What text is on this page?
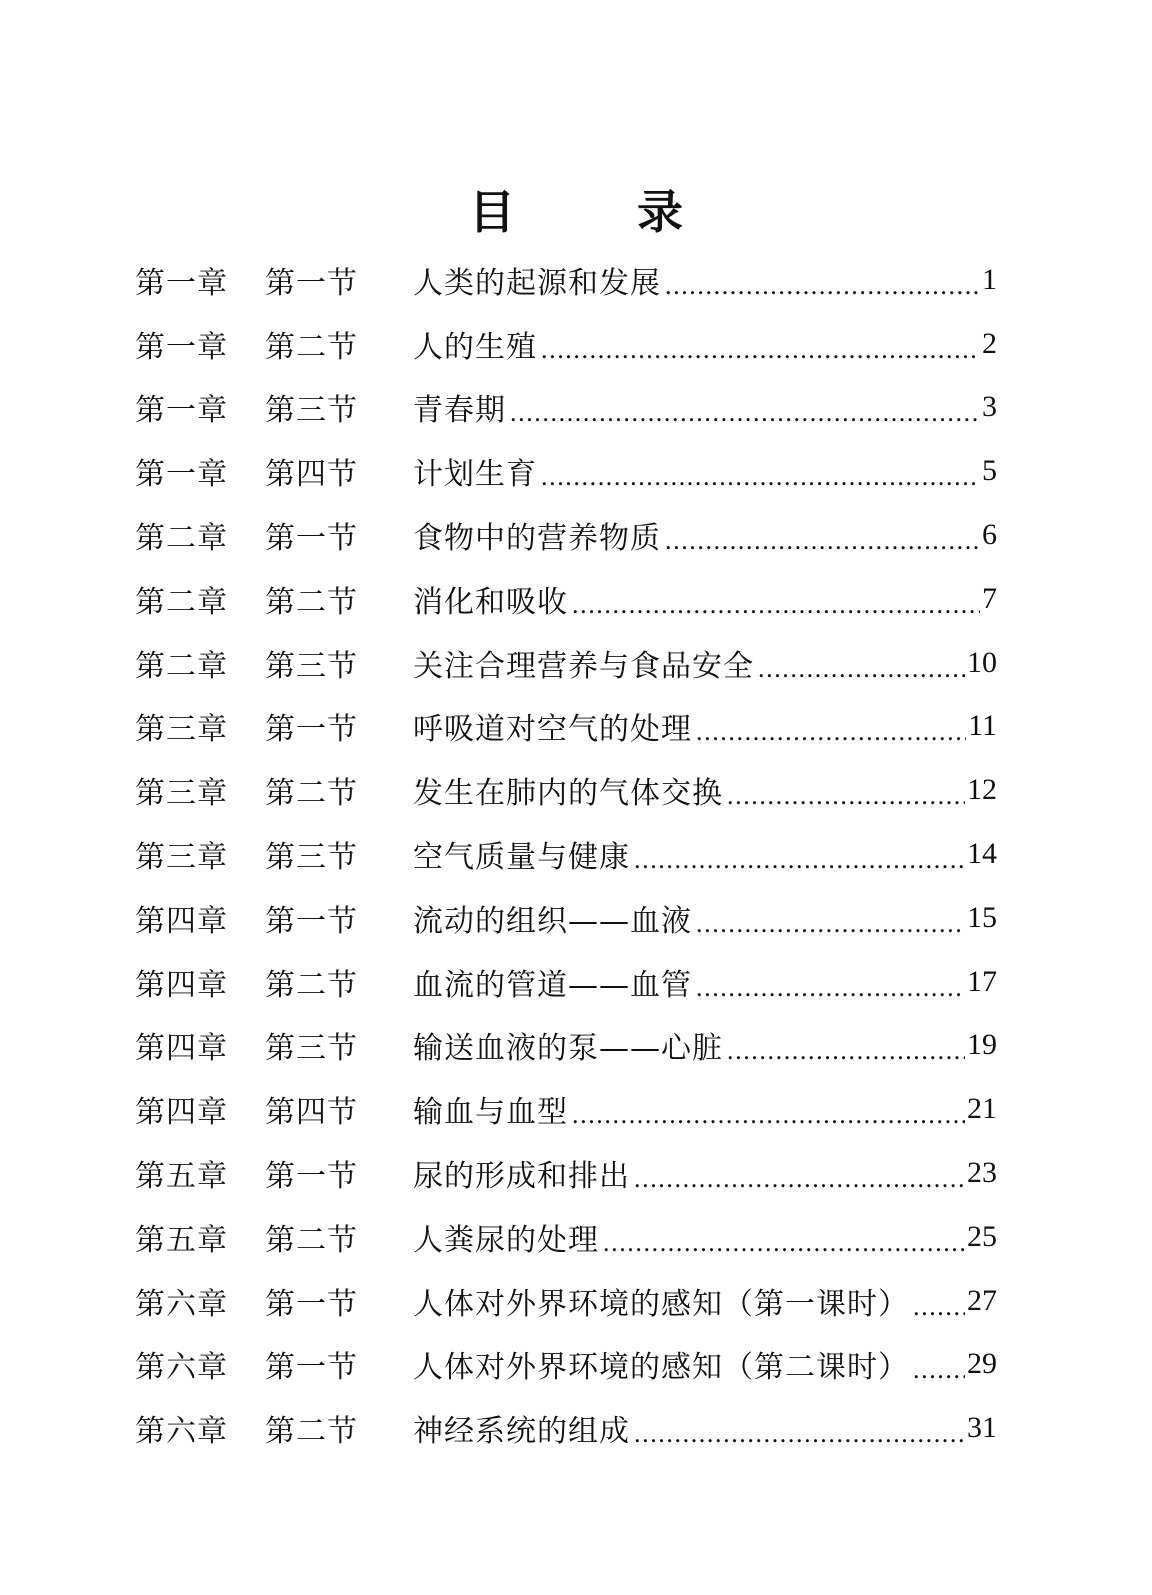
目　录
第一章	第一节	人类的起源和发展 .....	1
第一章	第二节	人的生殖 .....	2
第一章	第三节	青春期 .....	3
第一章	第四节	计划生育 .....	5
第二章	第一节	食物中的营养物质 .....	6
第二章	第二节	消化和吸收 .....	7
第二章	第三节	关注合理营养与食品安全 .....	10
第三章	第一节	呼吸道对空气的处理 .....	11
第三章	第二节	发生在肺内的气体交换 .....	12
第三章	第三节	空气质量与健康 .....	14
第四章	第一节	流动的组织——血液 .....	15
第四章	第二节	血流的管道——血管 .....	17
第四章	第三节	输送血液的泵——心脏 .....	19
第四章	第四节	输血与血型 .....	21
第五章	第一节	尿的形成和排出 .....	23
第五章	第二节	人粪尿的处理 .....	25
第六章	第一节	人体对外界环境的感知（第一课时） ..... 27
第六章	第一节	人体对外界环境的感知（第二课时） ..... 29
第六章	第二节	神经系统的组成 .....	31
